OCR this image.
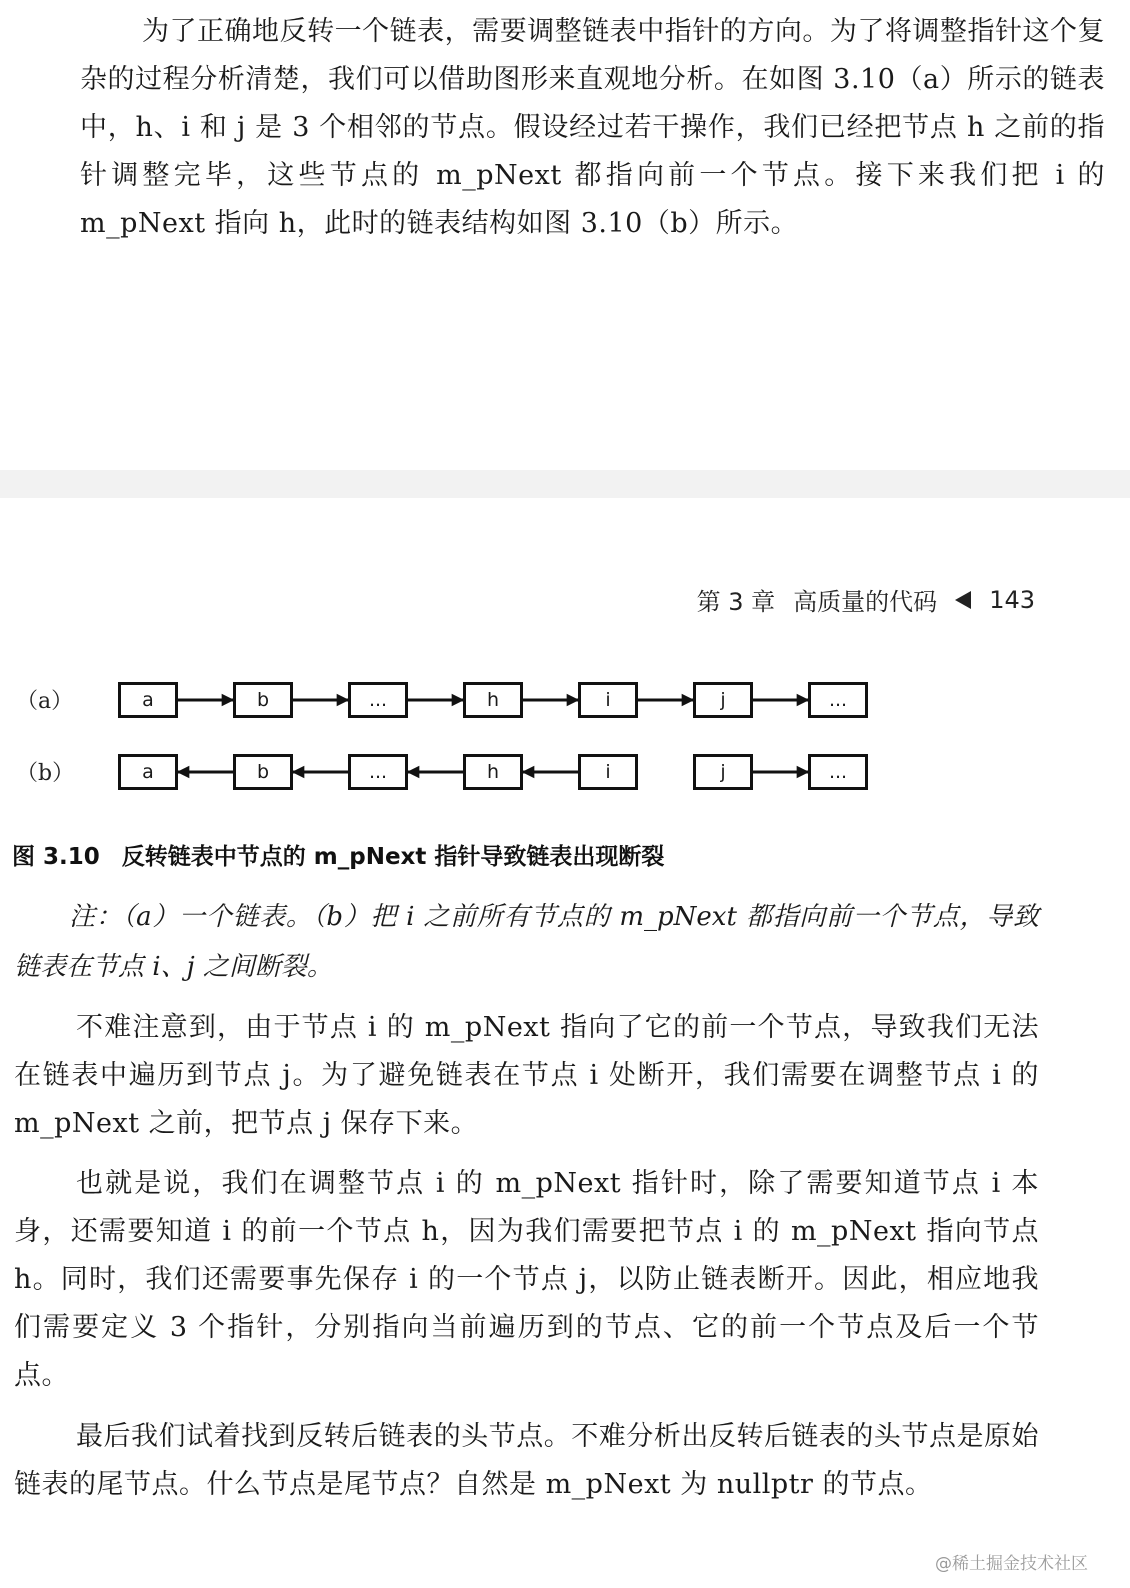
为了正确地反转一个链表，需要调整链表中指针的方向。为了将调整指针这个复杂的过程分析清楚，我们可以借助图形来直观地分析。在如图 3.10（a）所示的链表中，h、i 和 j 是 3 个相邻的节点。假设经过若干操作，我们已经把节点 h 之前的指针调整完毕，这些节点的 m_pNext 都指向前一个节点。接下来我们把 i 的 m_pNext 指向 h，此时的链表结构如图 3.10（b）所示。

第 3 章 高质量的代码 143
（a）	a	b	...	h	i	j	...
（b）	a	b	...	h	i	j	...
图 3.10 反转链表中节点的 m_pNext 指针导致链表出现断裂

注：（a）一个链表。（b）把 i 之前所有节点的 m_pNext 都指向前一个节点，导致链表在节点 i、j 之间断裂。

不难注意到，由于节点 i 的 m_pNext 指向了它的前一个节点，导致我们无法在链表中遍历到节点 j。为了避免链表在节点 i 处断开，我们需要在调整节点 i 的 m_pNext 之前，把节点 j 保存下来。

也就是说，我们在调整节点 i 的 m_pNext 指针时，除了需要知道节点 i 本身，还需要知道 i 的前一个节点 h，因为我们需要把节点 i 的 m_pNext 指向节点 h。同时，我们还需要事先保存 i 的一个节点 j，以防止链表断开。因此，相应地我们需要定义 3 个指针，分别指向当前遍历到的节点、它的前一个节点及后一个节点。

最后我们试着找到反转后链表的头节点。不难分析出反转后链表的头节点是原始链表的尾节点。什么节点是尾节点？自然是 m_pNext 为 nullptr 的节点。

@稀土掘金技术社区
